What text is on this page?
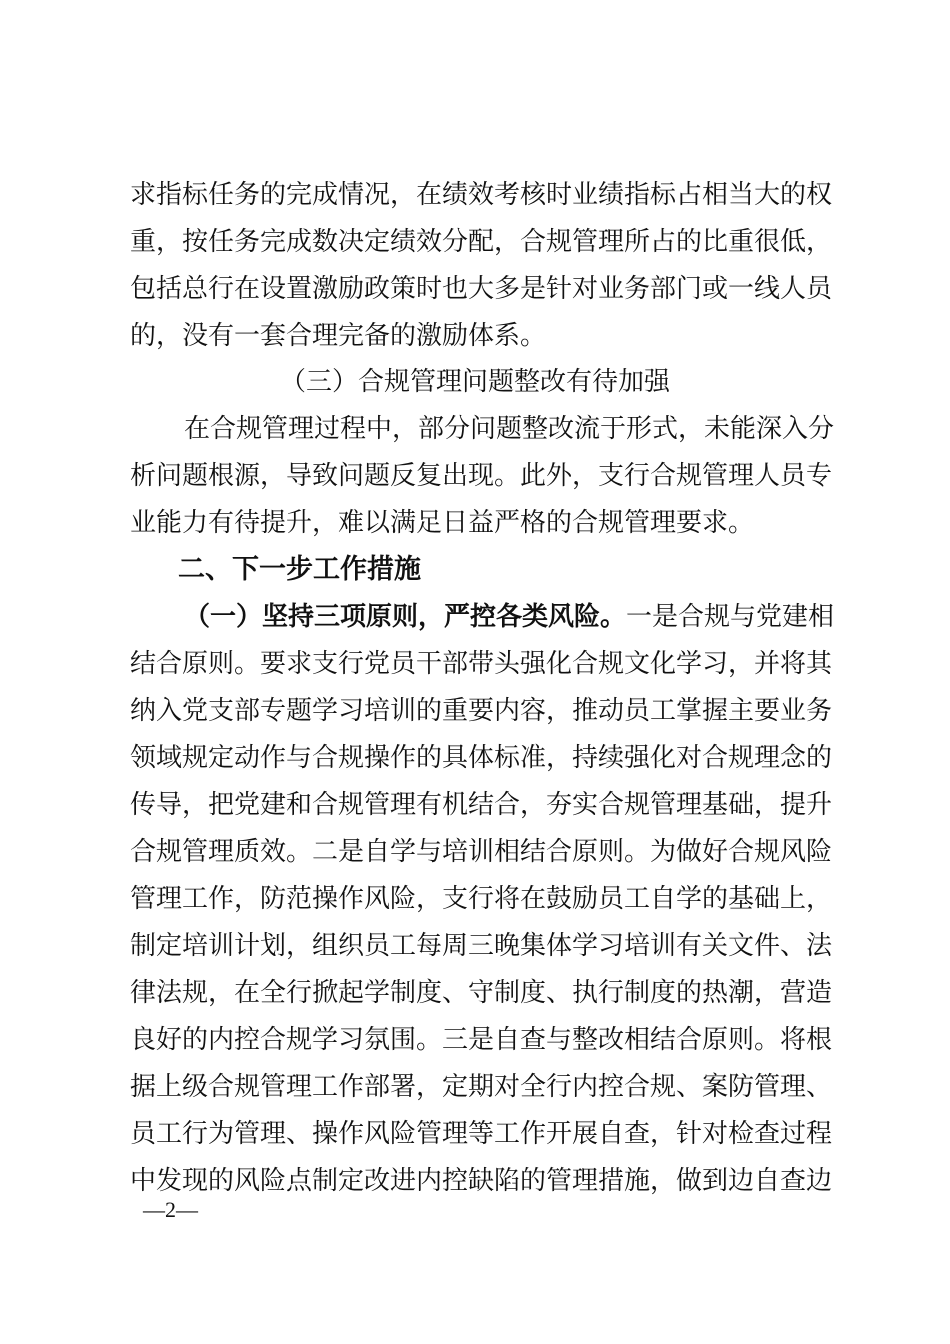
求指标任务的完成情况，在绩效考核时业绩指标占相当大的权
重，按任务完成数决定绩效分配，合规管理所占的比重很低，
包括总行在设置激励政策时也大多是针对业务部门或一线人员
的，没有一套合理完备的激励体系。
（三）合规管理问题整改有待加强
在合规管理过程中，部分问题整改流于形式，未能深入分
析问题根源，导致问题反复出现。此外，支行合规管理人员专
业能力有待提升，难以满足日益严格的合规管理要求。
二、下一步工作措施
（一）坚持三项原则，严控各类风险。一是合规与党建相
结合原则。要求支行党员干部带头强化合规文化学习，并将其
纳入党支部专题学习培训的重要内容，推动员工掌握主要业务
领域规定动作与合规操作的具体标准，持续强化对合规理念的
传导，把党建和合规管理有机结合，夯实合规管理基础，提升
合规管理质效。二是自学与培训相结合原则。为做好合规风险
管理工作，防范操作风险，支行将在鼓励员工自学的基础上，
制定培训计划，组织员工每周三晚集体学习培训有关文件、法
律法规，在全行掀起学制度、守制度、执行制度的热潮，营造
良好的内控合规学习氛围。三是自查与整改相结合原则。将根
据上级合规管理工作部署，定期对全行内控合规、案防管理、
员工行为管理、操作风险管理等工作开展自查，针对检查过程
中发现的风险点制定改进内控缺陷的管理措施，做到边自查边
—2—
